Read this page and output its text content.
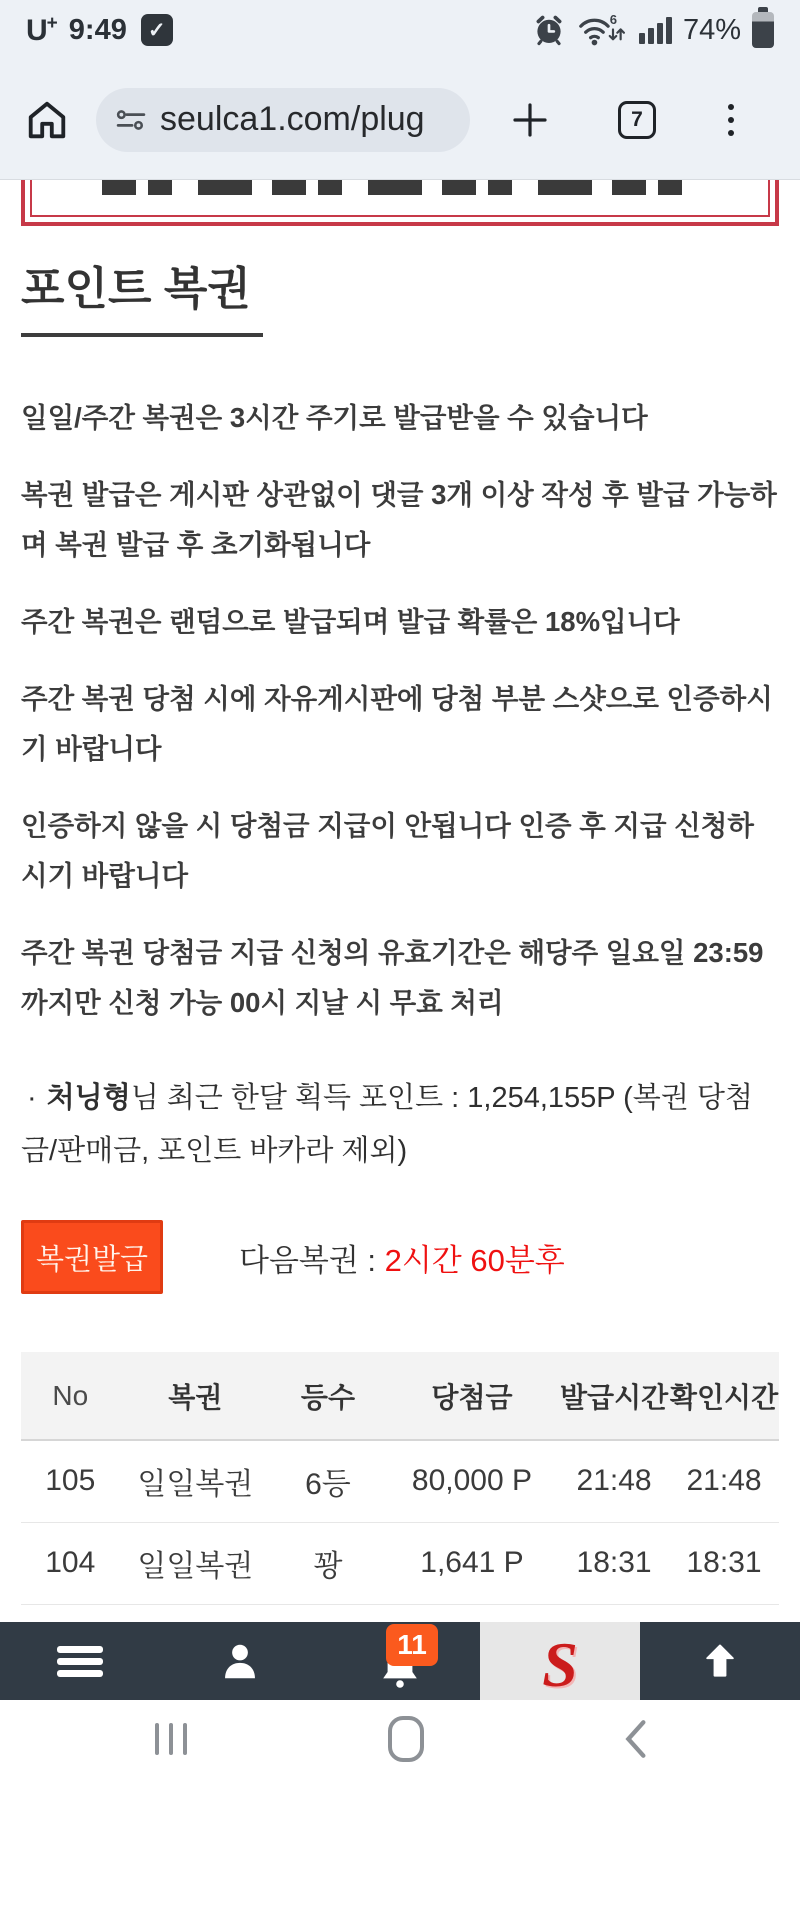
U+ 9:49	✓	6 74%
seulca1.com/plug	7
포인트 복권

일일/주간 복권은 3시간 주기로 발급받을 수 있습니다

복권 발급은 게시판 상관없이 댓글 3개 이상 작성 후 발급 가능하며 복권 발급 후 초기화됩니다

주간 복권은 랜덤으로 발급되며 발급 확률은 18%입니다

주간 복권 당첨 시에 자유게시판에 당첨 부분 스샷으로 인증하시기 바랍니다

인증하지 않을 시 당첨금 지급이 안됩니다 인증 후 지급 신청하시기 바랍니다

주간 복권 당첨금 지급 신청의 유효기간은 해당주 일요일 23:59까지만 신청 가능 00시 지날 시 무효 처리

· 처닝형님 최근 한달 획득 포인트 : 1,254,155P (복권 당첨금/판매금, 포인트 바카라 제외)
복권발급	다음복권 : 2시간 60분후
No	복권	등수	당첨금	발급시간	확인시간
105	일일복권	6등	80,000 P	21:48	21:48
104	일일복권	꽝	1,641 P	18:31	18:31

11 S
